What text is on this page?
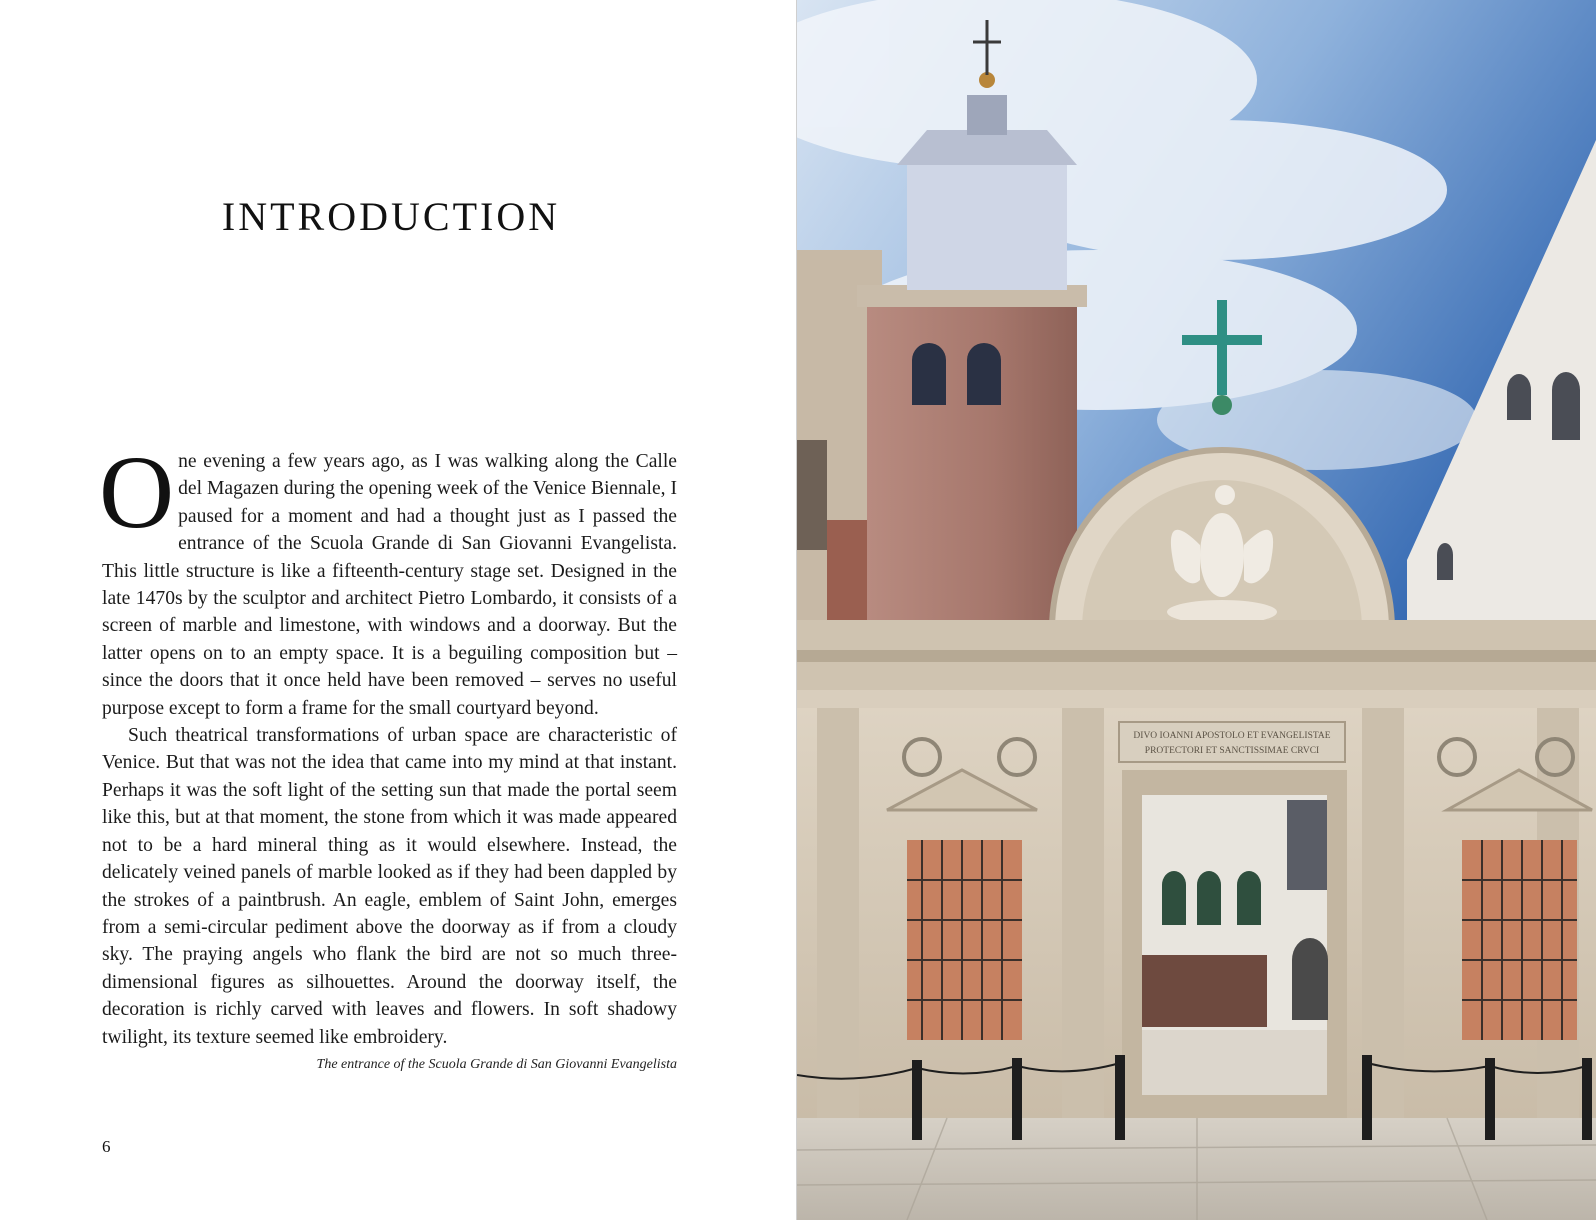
INTRODUCTION

One evening a few years ago, as I was walking along the Calle del Magazen during the opening week of the Venice Biennale, I paused for a moment and had a thought just as I passed the entrance of the Scuola Grande di San Giovanni Evangelista. This little structure is like a fifteenth-century stage set. Designed in the late 1470s by the sculptor and architect Pietro Lombardo, it consists of a screen of marble and limestone, with windows and a doorway. But the latter opens on to an empty space. It is a beguiling composition but – since the doors that it once held have been removed – serves no useful purpose except to form a frame for the small courtyard beyond.

Such theatrical transformations of urban space are characteristic of Venice. But that was not the idea that came into my mind at that instant. Perhaps it was the soft light of the setting sun that made the portal seem like this, but at that moment, the stone from which it was made appeared not to be a hard mineral thing as it would elsewhere. Instead, the delicately veined panels of marble looked as if they had been dappled by the strokes of a paintbrush. An eagle, emblem of Saint John, emerges from a semi-circular pediment above the doorway as if from a cloudy sky. The praying angels who flank the bird are not so much three-dimensional figures as silhouettes. Around the doorway itself, the decoration is richly carved with leaves and flowers. In soft shadowy twilight, its texture seemed like embroidery.

The entrance of the Scuola Grande di San Giovanni Evangelista
6
DIVO IOANNI APOSTOLO ET EVANGELISTAE
PROTECTORI ET SANCTISSIMAE CRVCI
